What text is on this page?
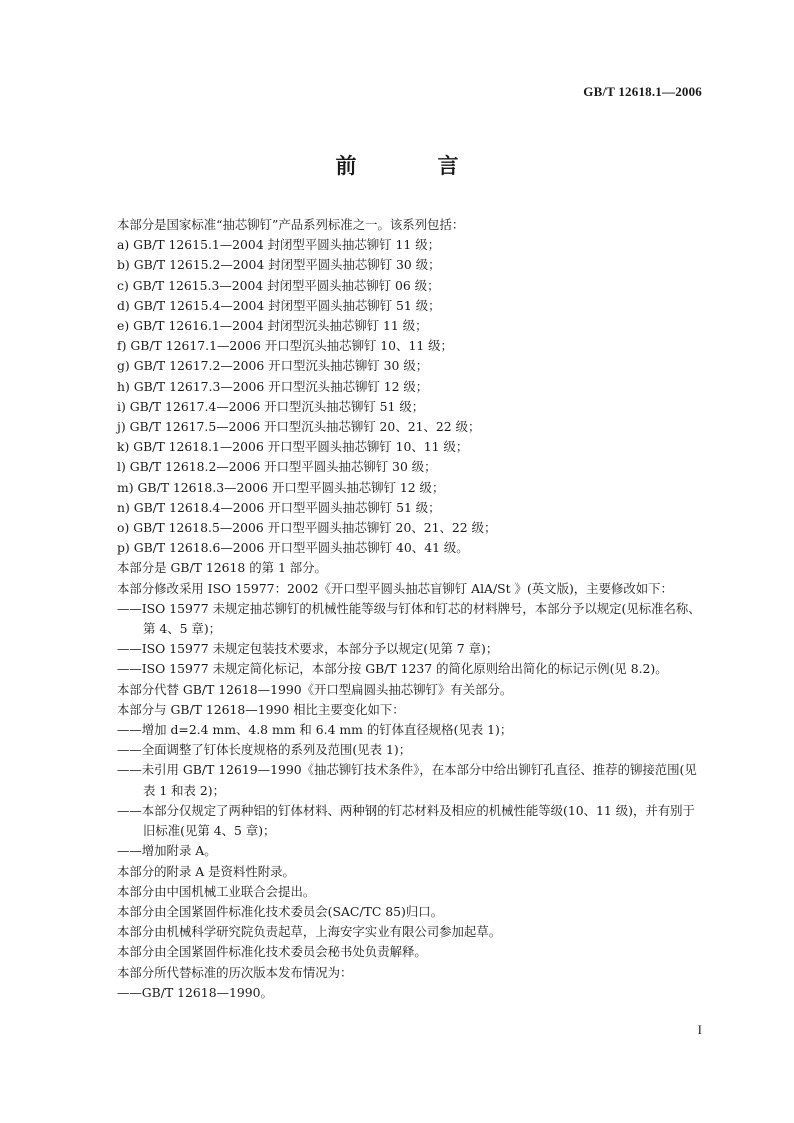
GB/T 12618.1—2006
前　言
本部分是国家标准“抽芯铆钉”产品系列标准之一。该系列包括：
a) GB/T 12615.1—2004 封闭型平圆头抽芯铆钉 11 级；
b) GB/T 12615.2—2004 封闭型平圆头抽芯铆钉 30 级；
c) GB/T 12615.3—2004 封闭型平圆头抽芯铆钉 06 级；
d) GB/T 12615.4—2004 封闭型平圆头抽芯铆钉 51 级；
e) GB/T 12616.1—2004 封闭型沉头抽芯铆钉 11 级；
f) GB/T 12617.1—2006 开口型沉头抽芯铆钉 10、11 级；
g) GB/T 12617.2—2006 开口型沉头抽芯铆钉 30 级；
h) GB/T 12617.3—2006 开口型沉头抽芯铆钉 12 级；
i) GB/T 12617.4—2006 开口型沉头抽芯铆钉 51 级；
j) GB/T 12617.5—2006 开口型沉头抽芯铆钉 20、21、22 级；
k) GB/T 12618.1—2006 开口型平圆头抽芯铆钉 10、11 级；
l) GB/T 12618.2—2006 开口型平圆头抽芯铆钉 30 级；
m) GB/T 12618.3—2006 开口型平圆头抽芯铆钉 12 级；
n) GB/T 12618.4—2006 开口型平圆头抽芯铆钉 51 级；
o) GB/T 12618.5—2006 开口型平圆头抽芯铆钉 20、21、22 级；
p) GB/T 12618.6—2006 开口型平圆头抽芯铆钉 40、41 级。
本部分是 GB/T 12618 的第 1 部分。
本部分修改采用 ISO 15977：2002《开口型平圆头抽芯盲铆钉 AlA/St 》(英文版)，主要修改如下：
——ISO 15977 未规定抽芯铆钉的机械性能等级与钉体和钉芯的材料牌号，本部分予以规定(见标准名称、第 4、5 章)；
——ISO 15977 未规定包装技术要求，本部分予以规定(见第 7 章)；
——ISO 15977 未规定简化标记，本部分按 GB/T 1237 的简化原则给出简化的标记示例(见 8.2)。
本部分代替 GB/T 12618—1990《开口型扁圆头抽芯铆钉》有关部分。
本部分与 GB/T 12618—1990 相比主要变化如下：
——增加 d=2.4 mm、4.8 mm 和 6.4 mm 的钉体直径规格(见表 1)；
——全面调整了钉体长度规格的系列及范围(见表 1)；
——未引用 GB/T 12619—1990《抽芯铆钉技术条件》，在本部分中给出铆钉孔直径、推荐的铆接范围(见表 1 和表 2)；
——本部分仅规定了两种铝的钉体材料、两种钢的钉芯材料及相应的机械性能等级(10、11 级)，并有别于旧标准(见第 4、5 章)；
——增加附录 A。
本部分的附录 A 是资料性附录。
本部分由中国机械工业联合会提出。
本部分由全国紧固件标准化技术委员会(SAC/TC 85)归口。
本部分由机械科学研究院负责起草，上海安字实业有限公司参加起草。
本部分由全国紧固件标准化技术委员会秘书处负责解释。
本部分所代替标准的历次版本发布情况为：
——GB/T 12618—1990。
I
